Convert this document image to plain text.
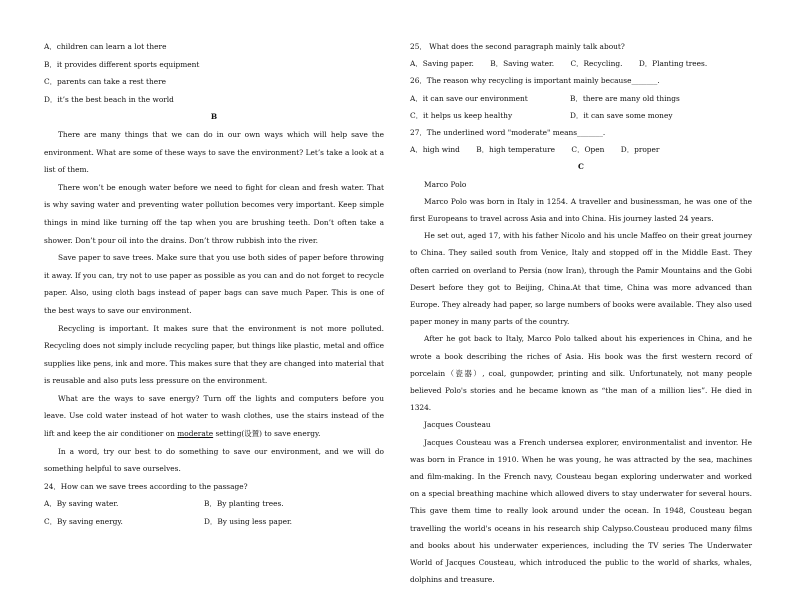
A．children can learn a lot there

B．it provides different sports equipment

C．parents can take a rest there

D．it’s the best beach in the world

B

There are many things that we can do in our own ways which will help save the environment. What are some of these ways to save the environment? Let’s take a look at a list of them.

There won’t be enough water before we need to fight for clean and fresh water. That is why saving water and preventing water pollution becomes very important. Keep simple things in mind like turning off the tap when you are brushing teeth. Don’t often take a shower. Don’t pour oil into the drains. Don’t throw rubbish into the river.

Save paper to save trees. Make sure that you use both sides of paper before throwing it away. If you can, try not to use paper as possible as you can and do not forget to recycle paper. Also, using cloth bags instead of paper bags can save much Paper. This is one of the best ways to save our environment.

Recycling is important. It makes sure that the environment is not more polluted. Recycling does not simply include recycling paper, but things like plastic, metal and office supplies like pens, ink and more. This makes sure that they are changed into material that is reusable and also puts less pressure on the environment.

What are the ways to save energy? Turn off the lights and computers before you leave. Use cold water instead of hot water to wash clothes, use the stairs instead of the lift and keep the air conditioner on moderate setting(设置) to save energy.

In a word, try our best to do something to save our environment, and we will do something helpful to save ourselves.

24．How can we save trees according to the passage?

A．By saving water.	B．By planting trees.
C．By saving energy.	D．By using less paper.

25． What does the second paragraph mainly talk about?

A．Saving paper. B．Saving water. C．Recycling. D．Planting trees.

26．The reason why recycling is important mainly because_______.

A．it can save our environment	B．there are many old things
C．it helps us keep healthy	D．it can save some money

27．The underlined word "moderate" means_______.

A．high wind B．high temperature C．Open D．proper

C

Marco Polo

Marco Polo was born in Italy in 1254. A traveller and businessman, he was one of the first Europeans to travel across Asia and into China. His journey lasted 24 years.

He set out, aged 17, with his father Nicolo and his uncle Maffeo on their great journey to China. They sailed south from Venice, Italy and stopped off in the Middle East. They often carried on overland to Persia (now Iran), through the Pamir Mountains and the Gobi Desert before they got to Beijing, China.At that time, China was more advanced than Europe. They already had paper, so large numbers of books were available. They also used paper money in many parts of the country.

After he got back to Italy, Marco Polo talked about his experiences in China, and he wrote a book describing the riches of Asia. His book was the first western record of porcelain（瓷器）, coal, gunpowder, printing and silk. Unfortunately, not many people believed Polo's stories and he became known as “the man of a million lies”. He died in 1324.

Jacques Cousteau

Jacques Cousteau was a French undersea explorer, environmentalist and inventor. He was born in France in 1910. When he was young, he was attracted by the sea, machines and film-making. In the French navy, Cousteau began exploring underwater and worked on a special breathing machine which allowed divers to stay underwater for several hours. This gave them time to really look around under the ocean. In 1948, Cousteau began travelling the world's oceans in his research ship Calypso.Cousteau produced many films and books about his underwater experiences, including the TV series The Underwater World of Jacques Cousteau, which introduced the public to the world of sharks, whales, dolphins and treasure.
